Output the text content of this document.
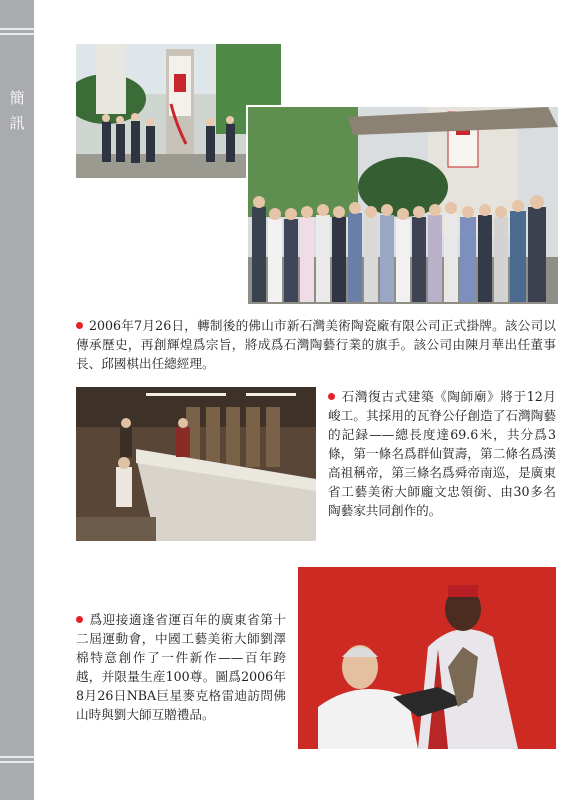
簡
訊
2006年7月26日，轉制後的佛山市新石灣美術陶瓷廠有限公司正式掛牌。該公司以傳承歷史，再創輝煌爲宗旨，將成爲石灣陶藝行業的旗手。該公司由陳月華出任董事長、邱國棋出任總經理。
石灣復古式建築《陶師廟》將于12月峻工。其採用的瓦脊公仔創造了石灣陶藝的記録——總長度達69.6米，共分爲3條，第一條名爲群仙賀壽，第二條名爲漢高祖稱帝，第三條名爲舜帝南巡，是廣東省工藝美術大師龐文忠領銜、由30多名陶藝家共同創作的。
爲迎接適逢省運百年的廣東省第十二屆運動會，中國工藝美術大師劉澤棉特意創作了一件新作——百年跨越，并限量生産100尊。圖爲2006年8月26日NBA巨星麥克格雷迪訪問佛山時與劉大師互贈禮品。
